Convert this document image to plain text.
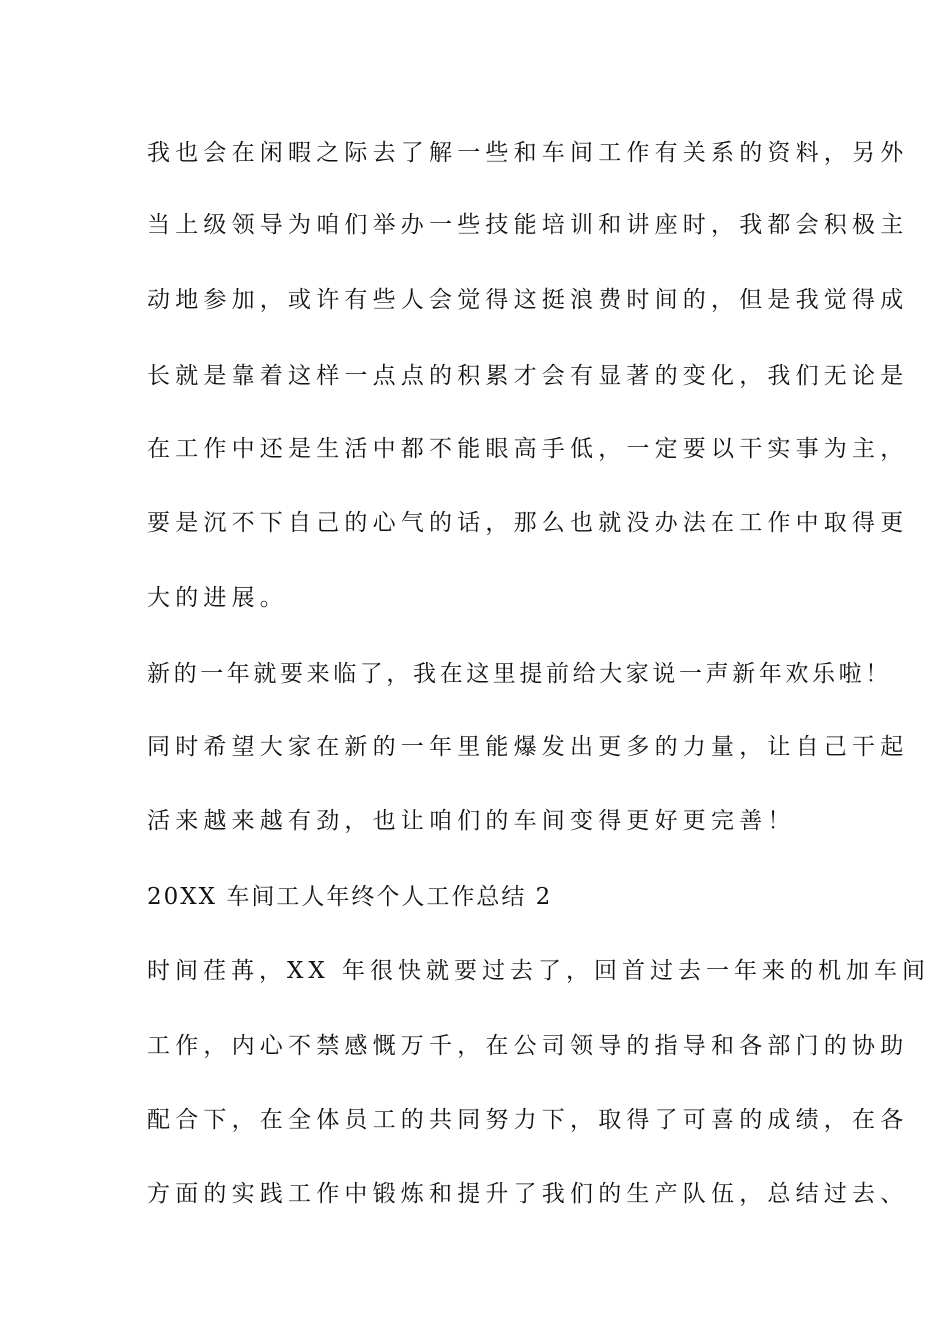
我也会在闲暇之际去了解一些和车间工作有关系的资料，另外
当上级领导为咱们举办一些技能培训和讲座时，我都会积极主
动地参加，或许有些人会觉得这挺浪费时间的，但是我觉得成
长就是靠着这样一点点的积累才会有显著的变化，我们无论是
在工作中还是生活中都不能眼高手低，一定要以干实事为主，
要是沉不下自己的心气的话，那么也就没办法在工作中取得更
大的进展。
新的一年就要来临了，我在这里提前给大家说一声新年欢乐啦！
同时希望大家在新的一年里能爆发出更多的力量，让自己干起
活来越来越有劲，也让咱们的车间变得更好更完善！
20XX 车间工人年终个人工作总结 2
时间荏苒，XX 年很快就要过去了，回首过去一年来的机加车间
工作，内心不禁感慨万千，在公司领导的指导和各部门的协助
配合下，在全体员工的共同努力下，取得了可喜的成绩，在各
方面的实践工作中锻炼和提升了我们的生产队伍，总结过去、
